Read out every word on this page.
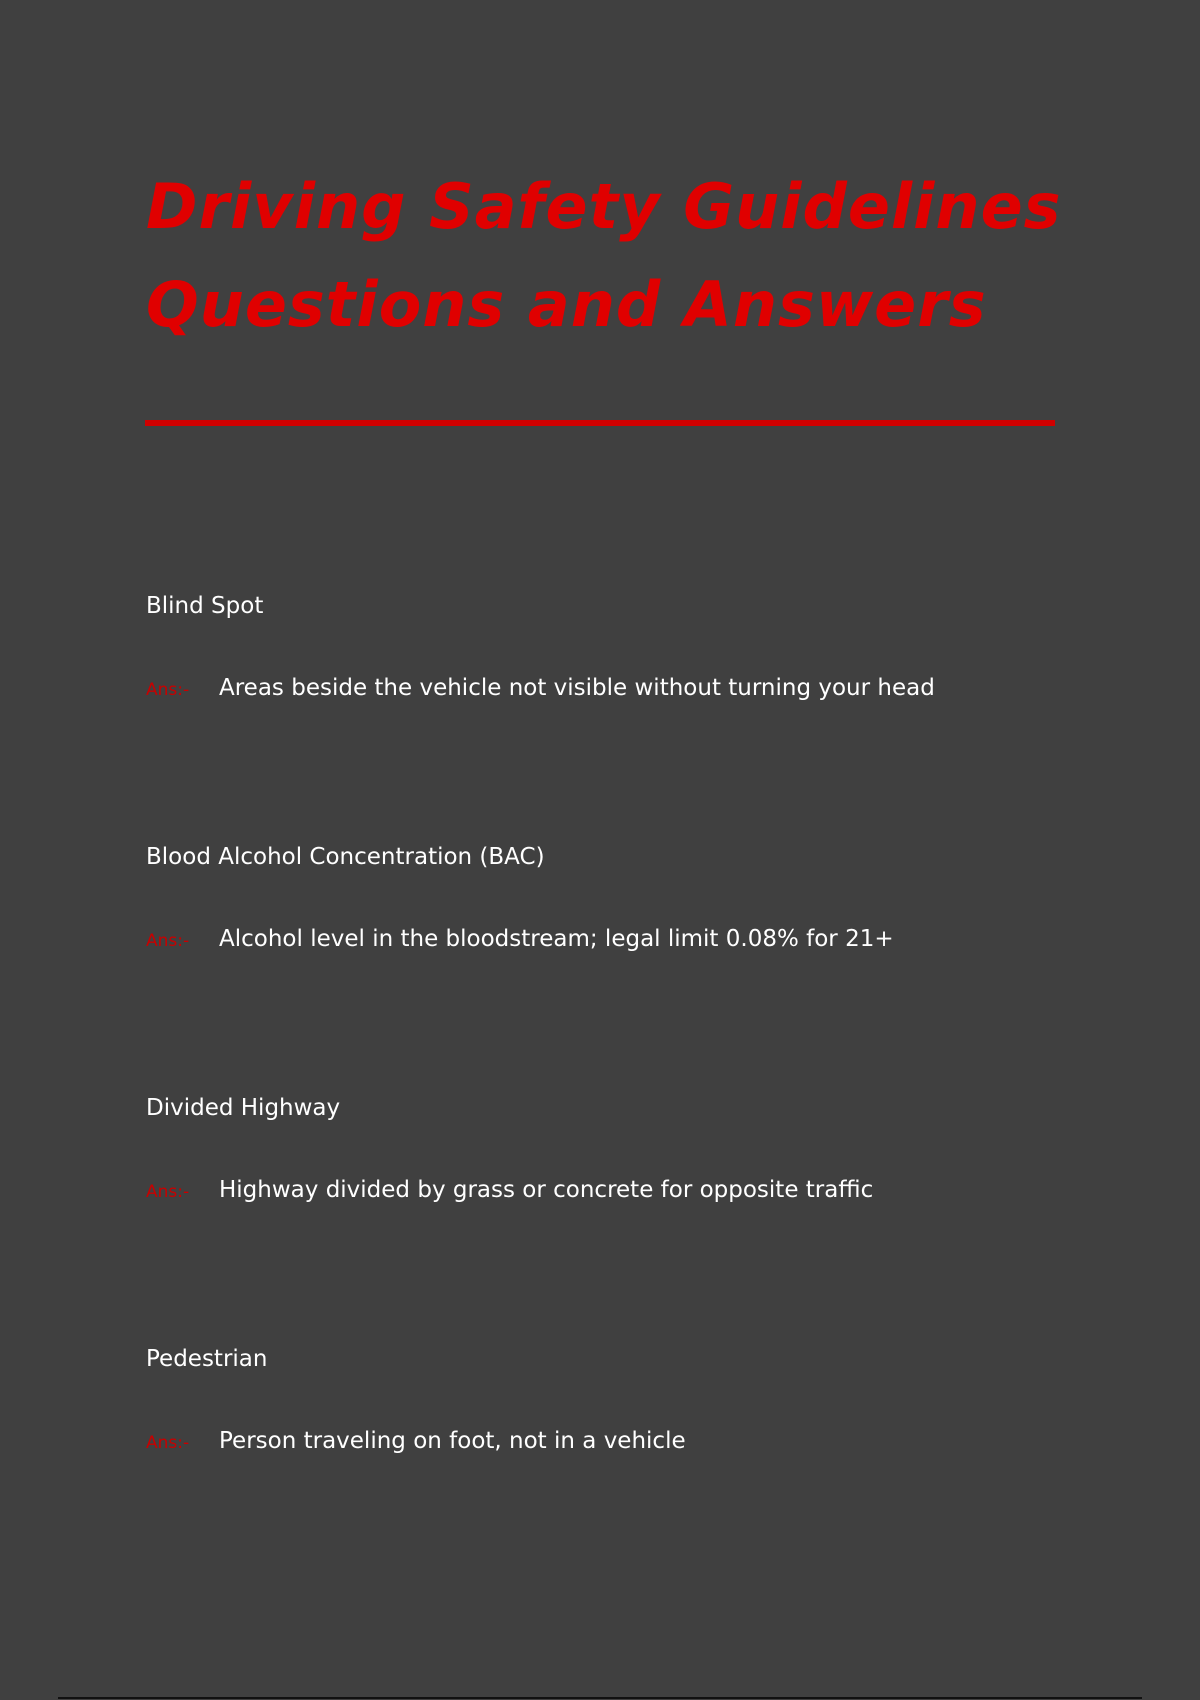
Driving Safety Guidelines
Questions and Answers
Blind Spot
Ans:- Areas beside the vehicle not visible without turning your head
Blood Alcohol Concentration (BAC)
Ans:- Alcohol level in the bloodstream; legal limit 0.08% for 21+
Divided Highway
Ans:- Highway divided by grass or concrete for opposite traffic
Pedestrian
Ans:- Person traveling on foot, not in a vehicle
